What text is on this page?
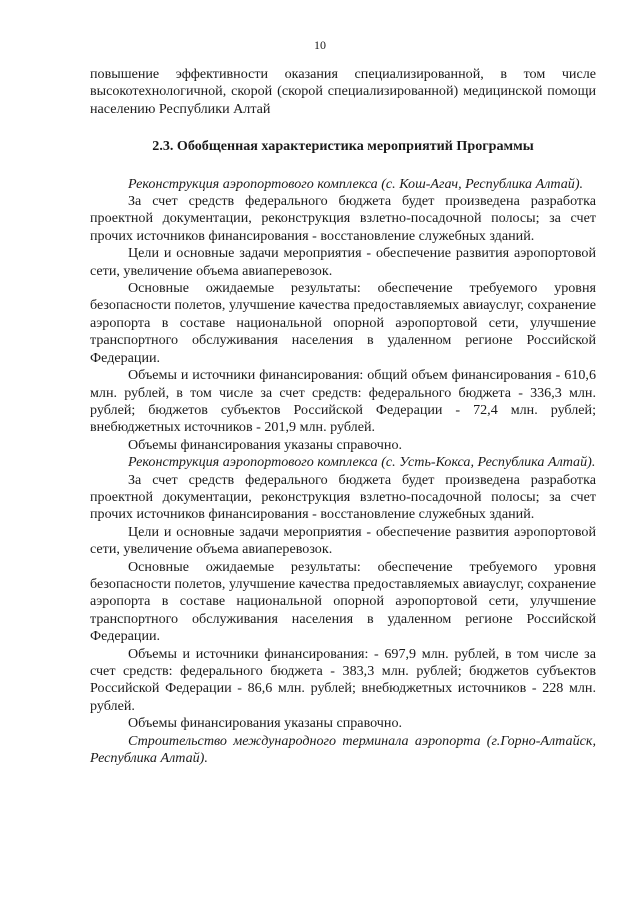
10

повышение эффективности оказания специализированной, в том числе высокотехнологичной, скорой (скорой специализированной) медицинской помощи населению Республики Алтай

2.3. Обобщенная характеристика мероприятий Программы

Реконструкция аэропортового комплекса (с. Кош-Агач, Республика Алтай).

За счет средств федерального бюджета будет произведена разработка проектной документации, реконструкция взлетно-посадочной полосы; за счет прочих источников финансирования - восстановление служебных зданий.

Цели и основные задачи мероприятия - обеспечение развития аэропортовой сети, увеличение объема авиаперевозок.

Основные ожидаемые результаты: обеспечение требуемого уровня безопасности полетов, улучшение качества предоставляемых авиауслуг, сохранение аэропорта в составе национальной опорной аэропортовой сети, улучшение транспортного обслуживания населения в удаленном регионе Российской Федерации.

Объемы и источники финансирования: общий объем финансирования - 610,6 млн. рублей, в том числе за счет средств: федерального бюджета - 336,3 млн. рублей; бюджетов субъектов Российской Федерации - 72,4 млн. рублей; внебюджетных источников - 201,9 млн. рублей.

Объемы финансирования указаны справочно.

Реконструкция аэропортового комплекса (с. Усть-Кокса, Республика Алтай).

За счет средств федерального бюджета будет произведена разработка проектной документации, реконструкция взлетно-посадочной полосы; за счет прочих источников финансирования - восстановление служебных зданий.

Цели и основные задачи мероприятия - обеспечение развития аэропортовой сети, увеличение объема авиаперевозок.

Основные ожидаемые результаты: обеспечение требуемого уровня безопасности полетов, улучшение качества предоставляемых авиауслуг, сохранение аэропорта в составе национальной опорной аэропортовой сети, улучшение транспортного обслуживания населения в удаленном регионе Российской Федерации.

Объемы и источники финансирования: - 697,9 млн. рублей, в том числе за счет средств: федерального бюджета - 383,3 млн. рублей; бюджетов субъектов Российской Федерации - 86,6 млн. рублей; внебюджетных источников - 228 млн. рублей.

Объемы финансирования указаны справочно.

Строительство международного терминала аэропорта (г.Горно-Алтайск, Республика Алтай).
